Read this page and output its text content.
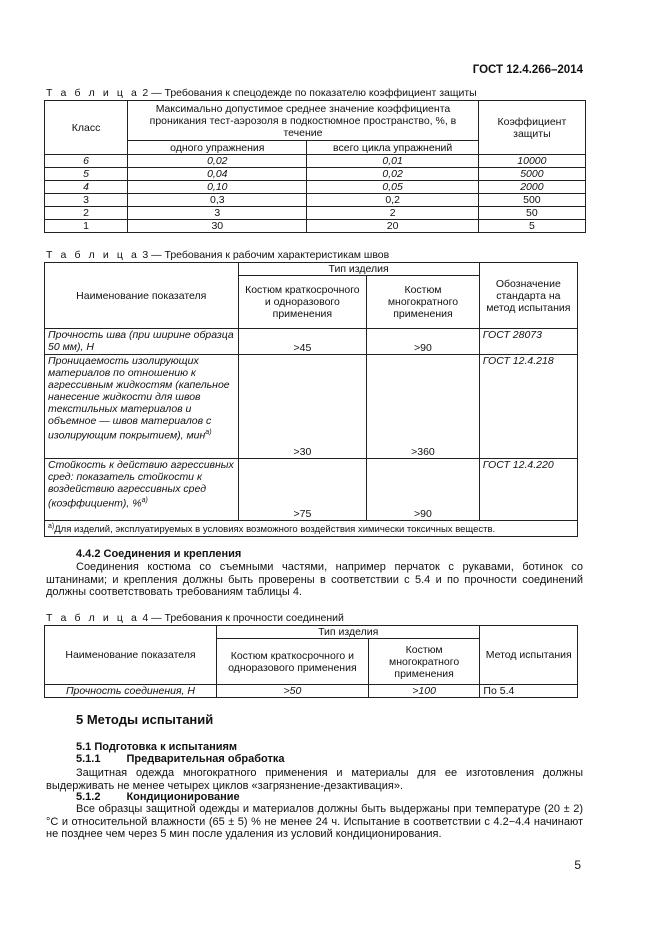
ГОСТ 12.4.266–2014
Т а б л и ц а 2 — Требования к спецодежде по показателю коэффициент защиты
Класс	Максимально допустимое среднее значение коэффициента проникания тест-аэрозоля в подкостюмное пространство, %, в течение		Коэффициент защиты
	одного упражнения	всего цикла упражнений	
6	0,02	0,01	10000
5	0,04	0,02	5000
4	0,10	0,05	2000
3	0,3	0,2	500
2	3	2	50
1	30	20	5
Т а б л и ц а 3 — Требования к рабочим характеристикам швов
Наименование показателя	Тип изделия		Обозначение стандарта на метод испытания
	Костюм краткосрочного и одноразового применения	Костюм многократного применения	
Прочность шва (при ширине образца 50 мм), Н	>45	>90	ГОСТ 28073
Проницаемость изолирующих материалов по отношению к агрессивным жидкостям (капельное нанесение жидкости для швов текстильных материалов и объемное — швов материалов с изолирующим покрытием), мин$^{а)}$	>30	>360	ГОСТ 12.4.218
Стойкость к действию агрессивных сред: показатель стойкости к воздействию агрессивных сред (коэффициент), %$^{а)}$	>75	>90	ГОСТ 12.4.220
$^{а)}$Для изделий, эксплуатируемых в условиях возможного воздействия химически токсичных веществ.			
4.4.2 Соединения и крепления
Соединения костюма со съемными частями, например перчаток с рукавами, ботинок со штанинами; и крепления должны быть проверены в соответствии с 5.4 и по прочности соединений должны соответствовать требованиям таблицы 4.
Т а б л и ц а 4 — Требования к прочности соединений
Наименование показателя	Тип изделия		Метод испытания
	Костюм краткосрочного и одноразового применения	Костюм многократного применения	
Прочность соединения, Н	>50	>100	По 5.4
5 Методы испытаний
5.1 Подготовка к испытаниям
5.1.1 Предварительная обработка
Защитная одежда многократного применения и материалы для ее изготовления должны выдерживать не менее четырех циклов «загрязнение-дезактивация».
5.1.2 Кондиционирование
Все образцы защитной одежды и материалов должны быть выдержаны при температуре (20 ± 2) °С и относительной влажности (65 ± 5) % не менее 24 ч. Испытание в соответствии с 4.2−4.4 начинают не позднее чем через 5 мин после удаления из условий кондиционирования.
5
